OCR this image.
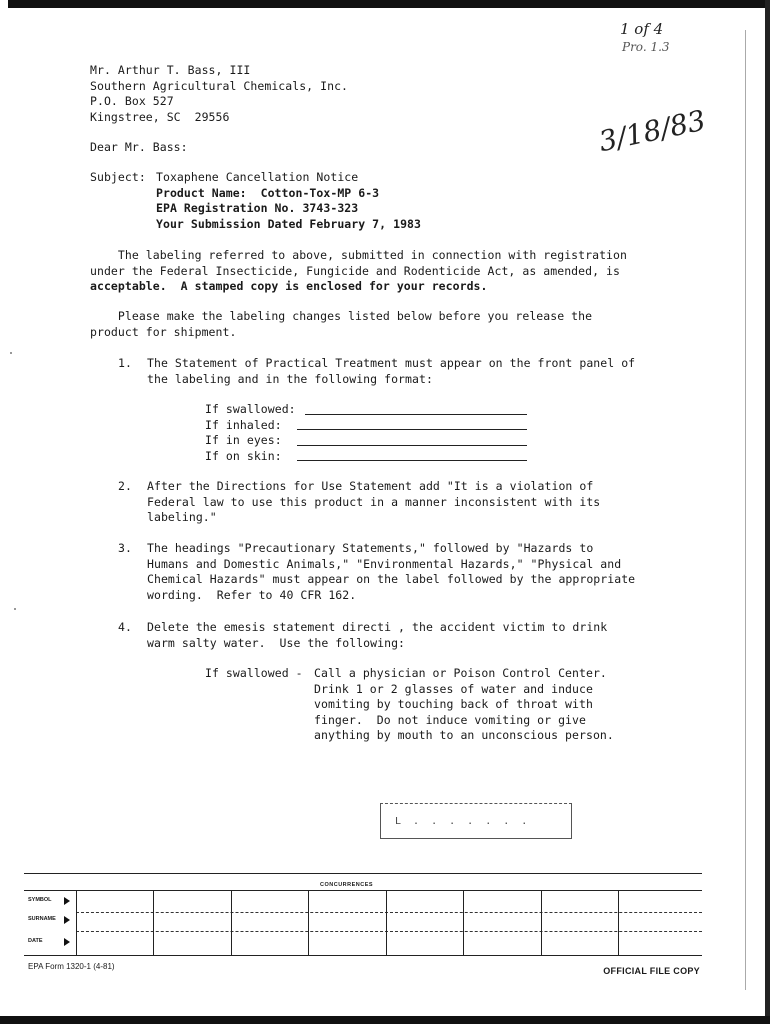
1 of 4
Pro. 1.3
3/18/83
Mr. Arthur T. Bass, III
Southern Agricultural Chemicals, Inc.
P.O. Box 527
Kingstree, SC  29556
Dear Mr. Bass:
Subject: Toxaphene Cancellation Notice
Product Name:  Cotton-Tox-MP 6-3
EPA Registration No. 3743-323
Your Submission Dated February 7, 1983
The labeling referred to above, submitted in connection with registration
under the Federal Insecticide, Fungicide and Rodenticide Act, as amended, is
acceptable.  A stamped copy is enclosed for your records.
Please make the labeling changes listed below before you release the
product for shipment.
1. The Statement of Practical Treatment must appear on the front panel of
the labeling and in the following format:
If swallowed:
If inhaled:
If in eyes:
If on skin:
2. After the Directions for Use Statement add "It is a violation of
Federal law to use this product in a manner inconsistent with its
labeling."
3. The headings "Precautionary Statements," followed by "Hazards to
Humans and Domestic Animals," "Environmental Hazards," "Physical and
Chemical Hazards" must appear on the label followed by the appropriate
wording.  Refer to 40 CFR 162.
4. Delete the emesis statement directi , the accident victim to drink
warm salty water.  Use the following:
If swallowed - Call a physician or Poison Control Center.
Drink 1 or 2 glasses of water and induce
vomiting by touching back of throat with
finger.  Do not induce vomiting or give
anything by mouth to an unconscious person.
L . . . . . . .
CONCURRENCES
SYMBOL
SURNAME
DATE
EPA Form 1320-1 (4-81)	OFFICIAL FILE COPY
